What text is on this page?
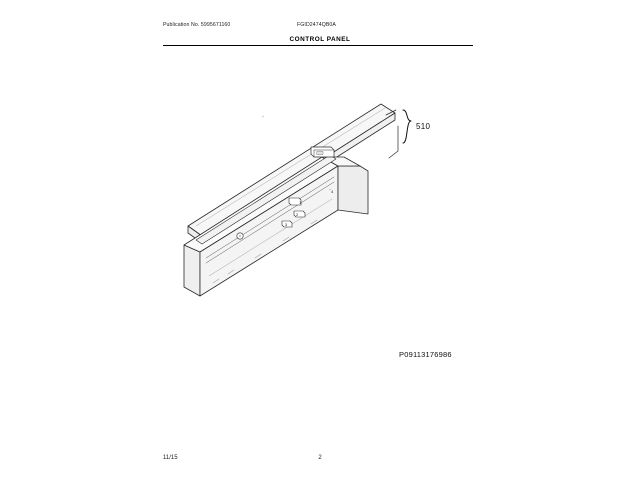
Publication No. 5995671160	FGID2474QB0A
CONTROL PANEL
1
2
3
4
510
P09113176986
11/15	2
